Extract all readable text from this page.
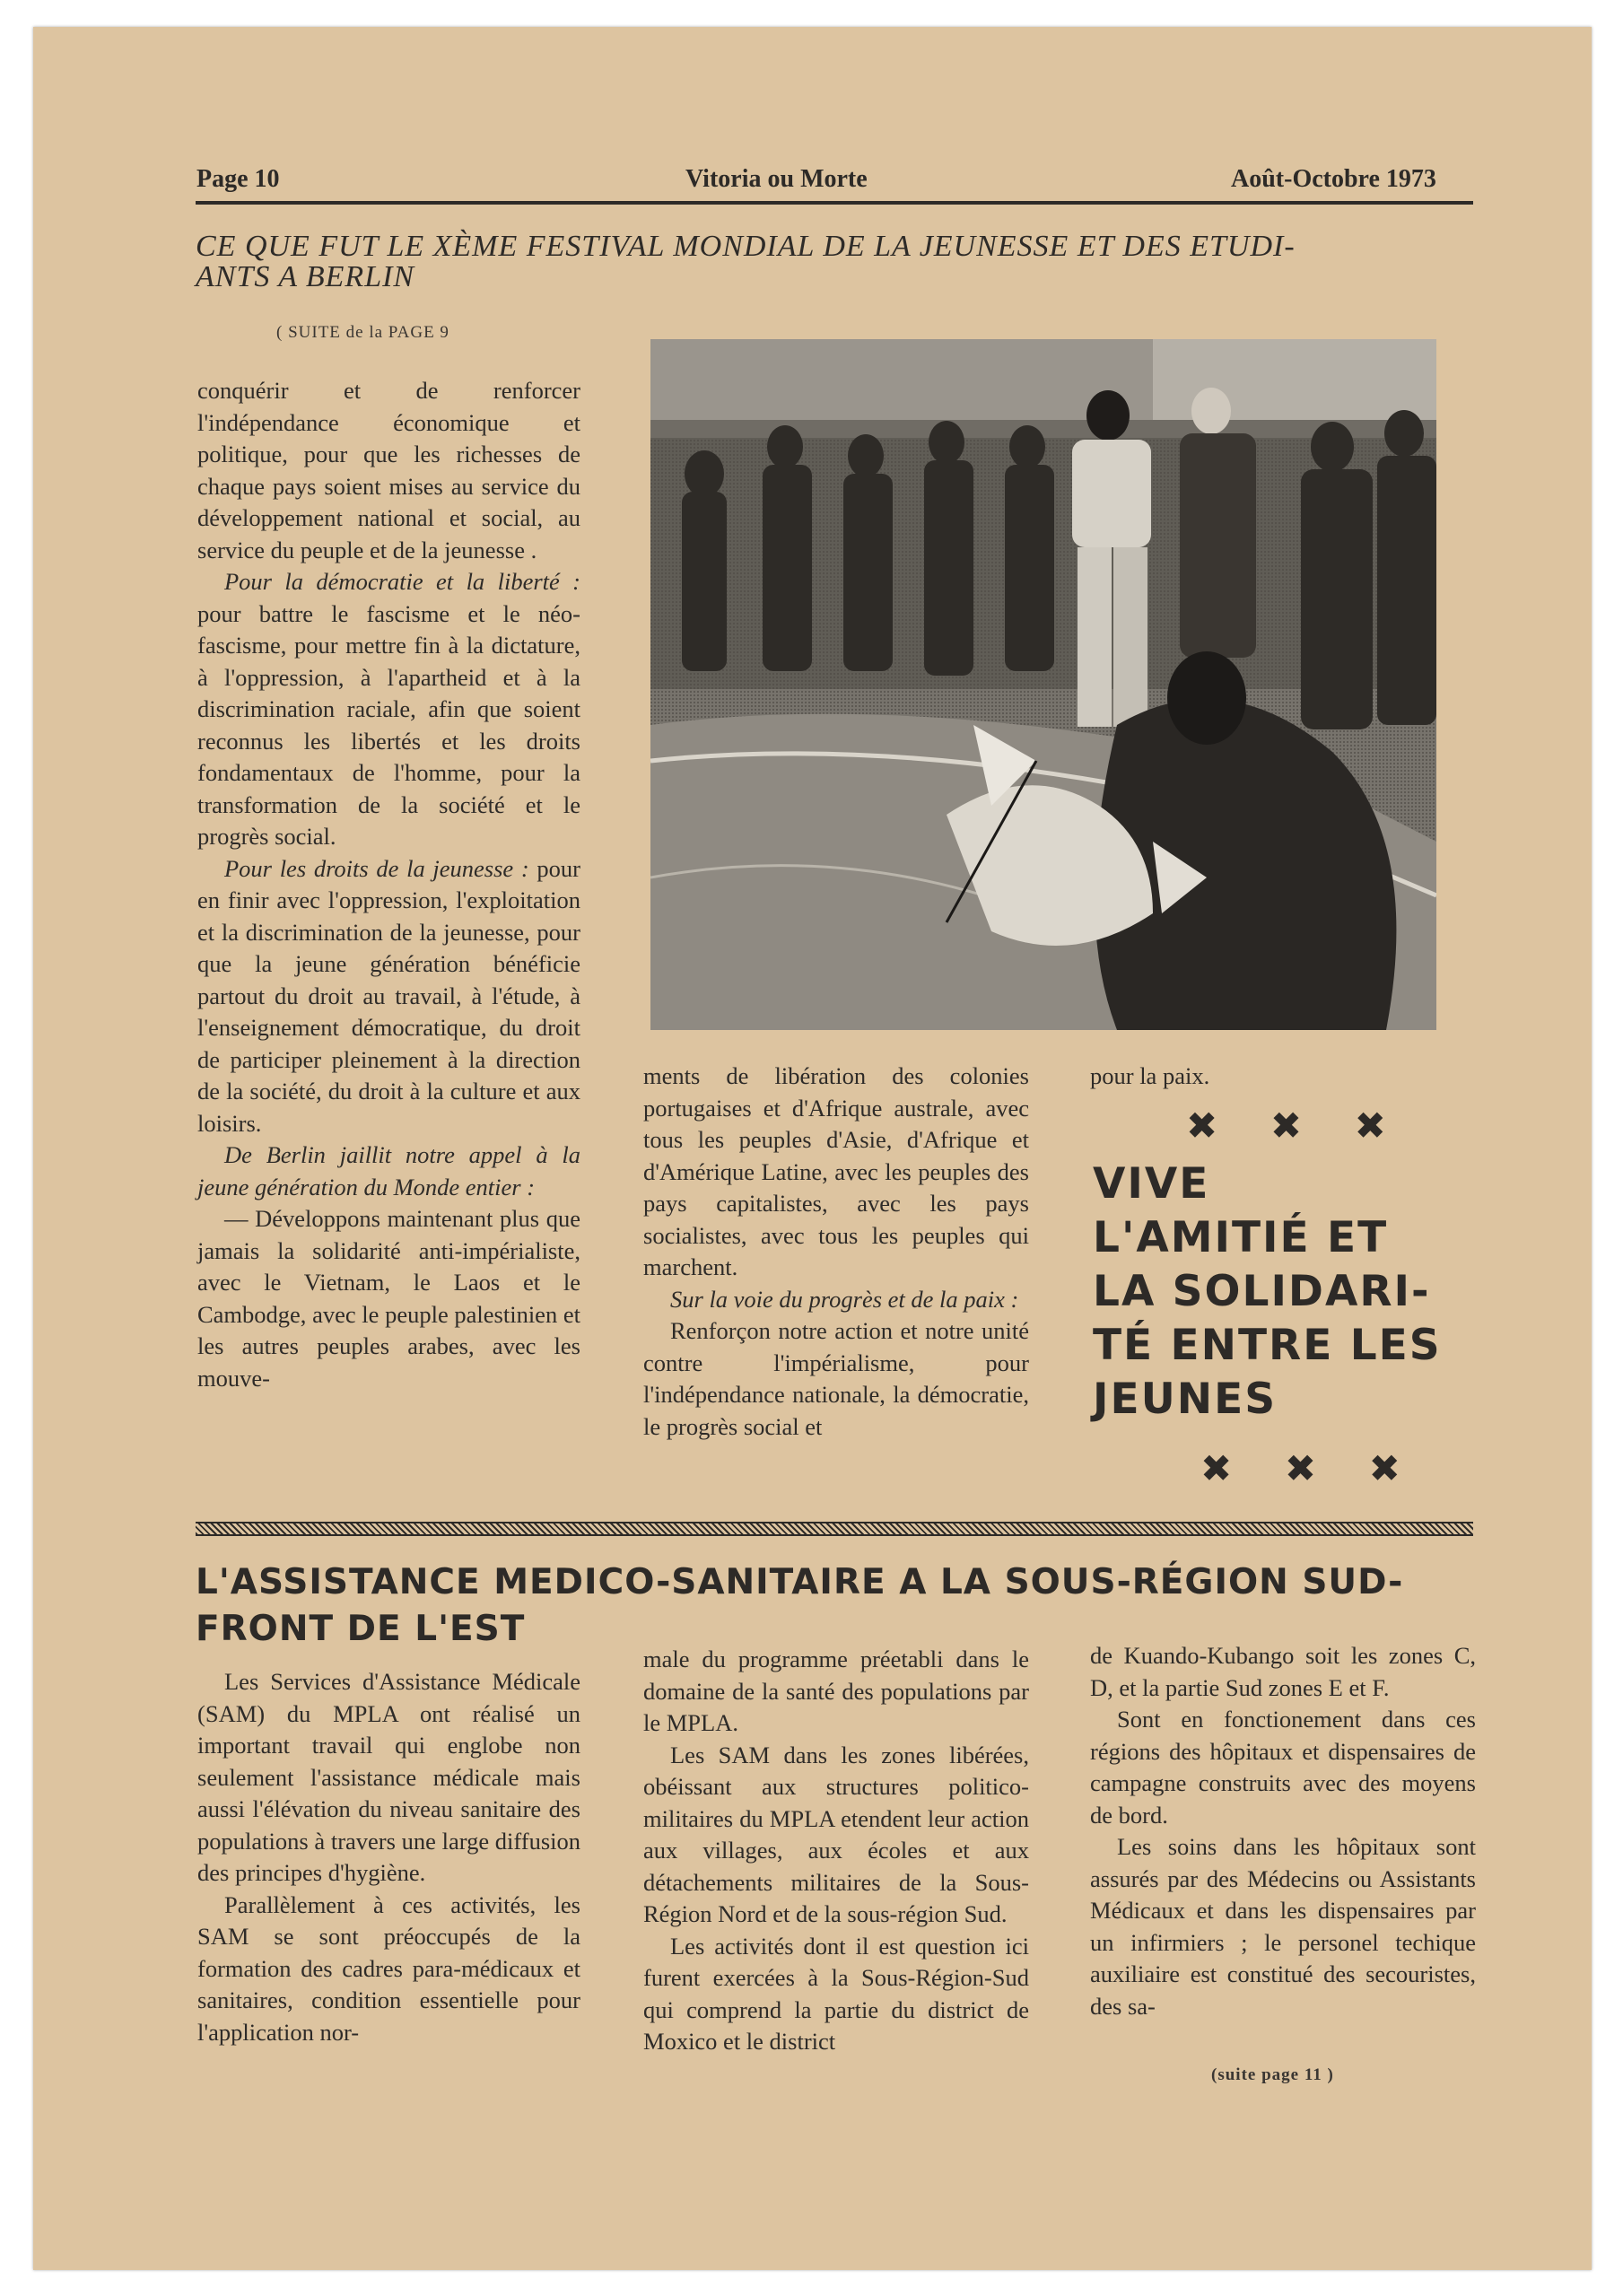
Page 10	Vitoria ou Morte	Août-Octobre 1973
CE QUE FUT LE XÈME FESTIVAL MONDIAL DE LA JEUNESSE ET DES ETUDI-
ANTS A BERLIN
( SUITE de la PAGE 9

conquérir et de renforcer l'indépendance économique et politique, pour que les richesses de chaque pays soient mises au service du développement national et social, au service du peuple et de la jeunesse .

Pour la démocratie et la liberté : pour battre le fascisme et le néo-fascisme, pour mettre fin à la dictature, à l'oppression, à l'apartheid et à la discrimination raciale, afin que soient reconnus les libertés et les droits fondamentaux de l'homme, pour la transformation de la société et le progrès social.

Pour les droits de la jeunesse : pour en finir avec l'oppression, l'exploitation et la discrimination de la jeunesse, pour que la jeune génération bénéficie partout du droit au travail, à l'étude, à l'enseignement démocratique, du droit de participer pleinement à la direction de la société, du droit à la culture et aux loisirs.

De Berlin jaillit notre appel à la jeune génération du Monde entier :

— Développons maintenant plus que jamais la solidarité anti-impérialiste, avec le Vietnam, le Laos et le Cambodge, avec le peuple palestinien et les autres peuples arabes, avec les mouve-

ments de libération des colonies portugaises et d'Afrique australe, avec tous les peuples d'Asie, d'Afrique et d'Amérique Latine, avec les peuples des pays capitalistes, avec les pays socialistes, avec tous les peuples qui marchent.

Sur la voie du progrès et de la paix :

Renforçon notre action et notre unité contre l'impérialisme, pour l'indépendance nationale, la démocratie, le progrès social et

pour la paix.

✖ ✖ ✖
VIVE
L'AMITIÉ ET
LA SOLIDARI-
TÉ ENTRE LES
JEUNES
✖ ✖ ✖
L'ASSISTANCE MEDICO-SANITAIRE A LA SOUS-RÉGION SUD-
FRONT DE L'EST

Les Services d'Assistance Médicale (SAM) du MPLA ont réalisé un important travail qui englobe non seulement l'assistance médicale mais aussi l'élévation du niveau sanitaire des populations à travers une large diffusion des principes d'hygiène.

Parallèlement à ces activités, les SAM se sont préoccupés de la formation des cadres para-médicaux et sanitaires, condition essentielle pour l'application nor-

male du programme préetabli dans le domaine de la santé des populations par le MPLA.

Les SAM dans les zones libérées, obéissant aux structures politico-militaires du MPLA etendent leur action aux villages, aux écoles et aux détachements militaires de la Sous-Région Nord et de la sous-région Sud.

Les activités dont il est question ici furent exercées à la Sous-Région-Sud qui comprend la partie du district de Moxico et le district

de Kuando-Kubango soit les zones C, D, et la partie Sud zones E et F.

Sont en fonctionement dans ces régions des hôpitaux et dispensaires de campagne construits avec des moyens de bord.

Les soins dans les hôpitaux sont assurés par des Médecins ou Assistants Médicaux et dans les dispensaires par un infirmiers ; le personel techique auxiliaire est constitué des secouristes, des sa-

(suite page 11 )
